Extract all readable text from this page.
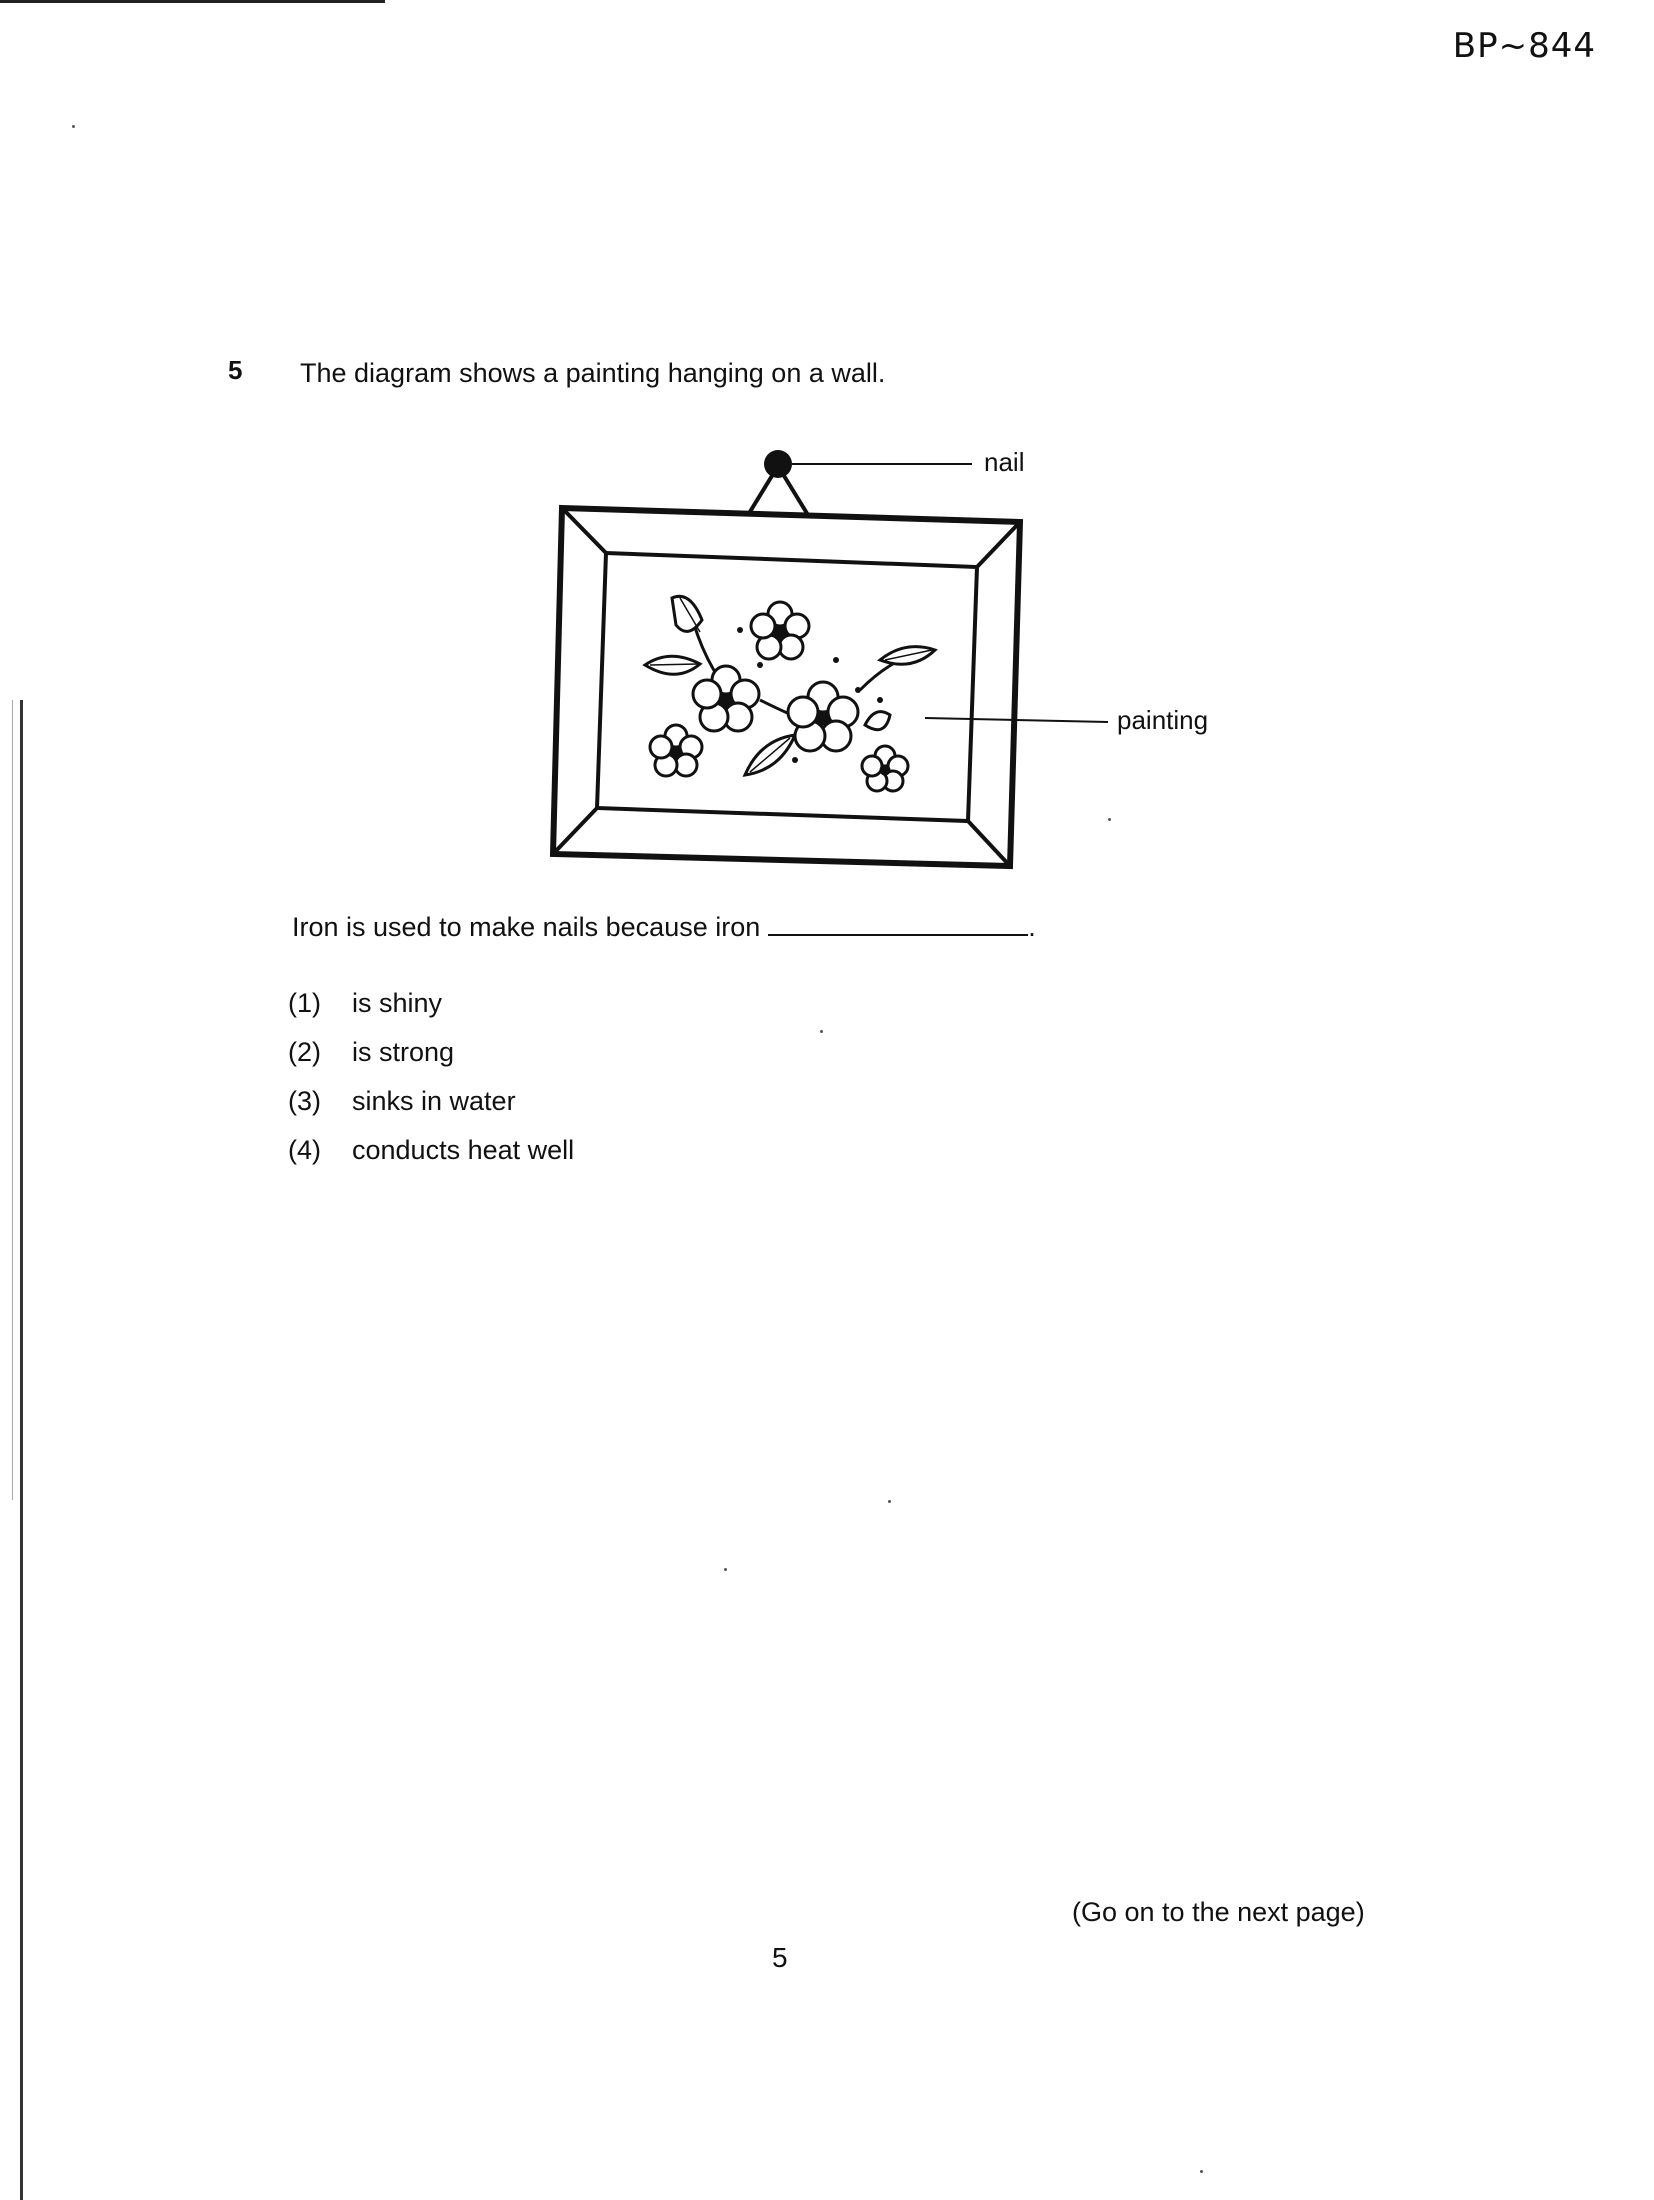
BP~844
5 The diagram shows a painting hanging on a wall.
nail
painting
Iron is used to make nails because iron	.
(1) is shiny
(2) is strong
(3) sinks in water
(4) conducts heat well
(Go on to the next page)
5
